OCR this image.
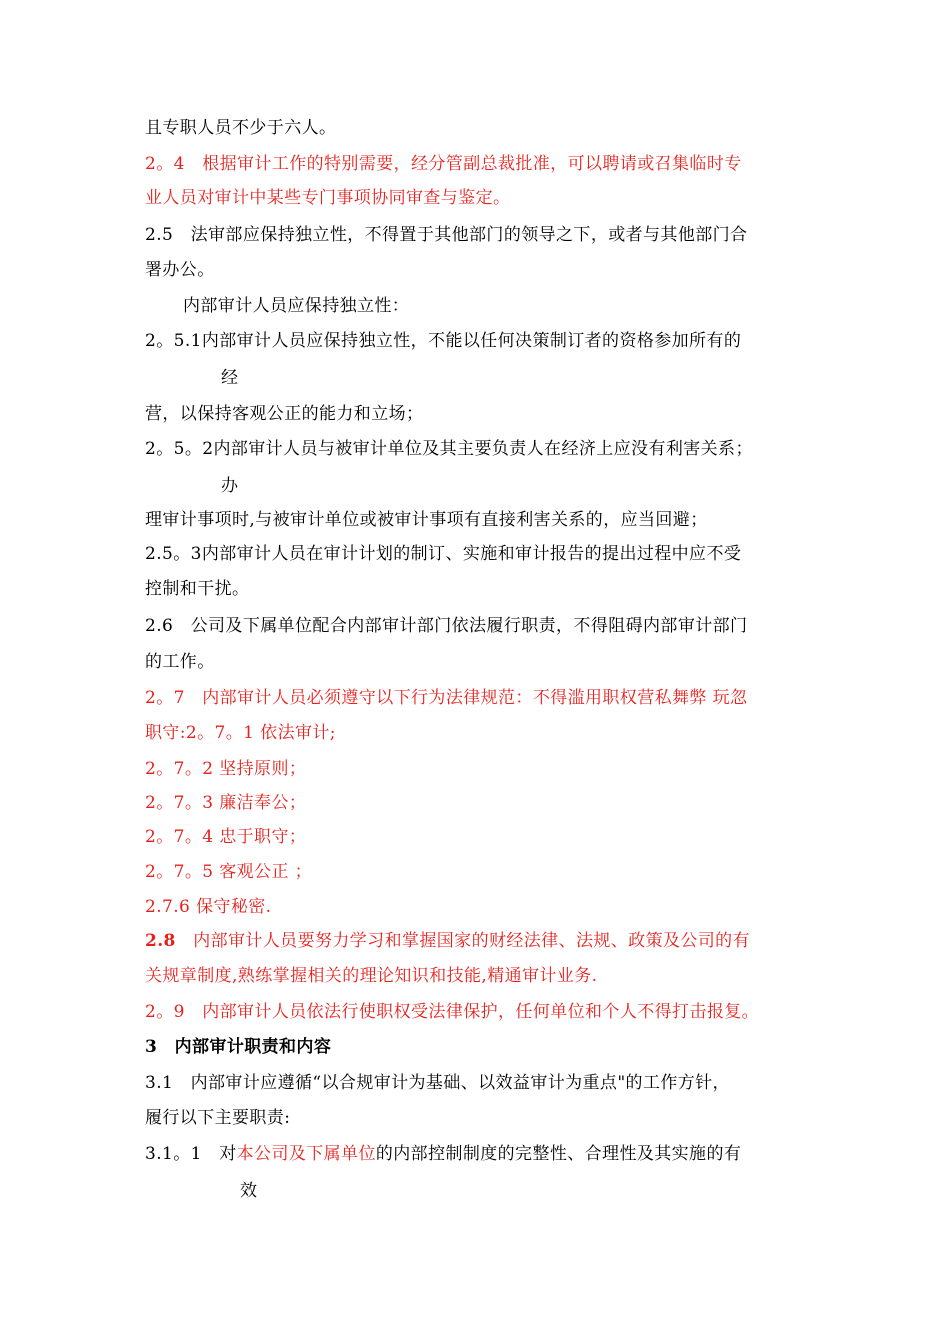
且专职人员不少于六人。
2。4　根据审计工作的特别需要，经分管副总裁批准，可以聘请或召集临时专
业人员对审计中某些专门事项协同审查与鉴定。
2.5　法审部应保持独立性，不得置于其他部门的领导之下，或者与其他部门合
署办公。
内部审计人员应保持独立性：
2。5.1内部审计人员应保持独立性，不能以任何决策制订者的资格参加所有的
经
营，以保持客观公正的能力和立场；
2。5。2内部审计人员与被审计单位及其主要负责人在经济上应没有利害关系；
办
理审计事项时,与被审计单位或被审计事项有直接利害关系的，应当回避；
2.5。3内部审计人员在审计计划的制订、实施和审计报告的提出过程中应不受
控制和干扰。
2.6　公司及下属单位配合内部审计部门依法履行职责，不得阻碍内部审计部门
的工作。
2。7　内部审计人员必须遵守以下行为法律规范：不得滥用职权营私舞弊 玩忽
职守:2。7。1 依法审计;
2。7。2 坚持原则；
2。7。3 廉洁奉公；
2。7。4 忠于职守；
2。7。5 客观公正 ；
2.7.6 保守秘密.
2.8　 内部审计人员要努力学习和掌握国家的财经法律、法规、政策及公司的有
关规章制度,熟练掌握相关的理论知识和技能,精通审计业务.
2。9　内部审计人员依法行使职权受法律保护，任何单位和个人不得打击报复。
3　内部审计职责和内容
3.1　内部审计应遵循“以合规审计为基础、以效益审计为重点"的工作方针，
履行以下主要职责:
3.1。1　对本公司及下属单位的内部控制制度的完整性、合理性及其实施的有
效
